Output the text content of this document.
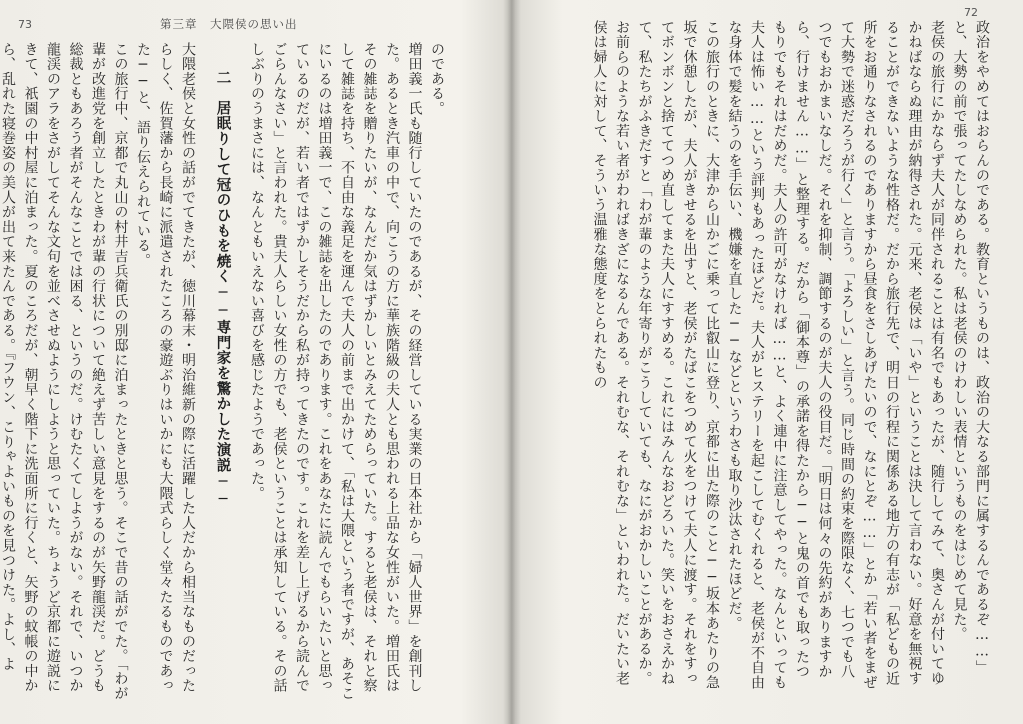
73	第三章　大隈侯の思い出

のである。

増田義一氏も随行していたのであるが、その経営している実業の日本社から「婦人世界」を創刊した。あるとき汽車の中で、向こうの方に華族階級の夫人とも思われる上品な女性がいた。増田氏はその雑誌を贈りたいが、なんだか気はずかしいとみえてためらっていた。すると老侯は、それと察して雑誌を持ち、不自由な義足を運んで夫人の前まで出かけて、「私は大隈という者ですが、あそこにいるのは増田義一で、この雑誌を出したのであります。これをあなたに読んでもらいたいと思っているのだが、若い者ではずかしそうだから私が持ってきたのです。これを差し上げるから読んでごらんなさい」と言われた。貴夫人らしい女性の方でも、老侯ということは承知している。その話しぶりのうまさには、なんともいえない喜びを感じたようであった。

二　居眠りして冠のひもを焼く──専門家を驚かした演説──

大隈老侯と女性の話がでてきたが、徳川幕末・明治維新の際に活躍した人だから相当なものだったらしく、佐賀藩から長崎に派遣されたころの豪遊ぶりはいかにも大隈式らしく堂々たるものであった──と、語り伝えられている。

この旅行中、京都で丸山の村井吉兵衛氏の別邸に泊まったときと思う。そこで昔の話がでた。「わが輩が改進党を創立したときわが輩の行状について絶えず苦しい意見をするのが矢野龍渓だ。どうも総裁ともあろう者がそんなことでは困る、というのだ。けむたくてしようがない。それで、いつか龍渓のアラをさがしてそんな文句を並べさせぬようにしようと思っていた。ちょうど京都に遊説にきて、祇園の中村屋に泊まった。夏のころだが、朝早く階下に洗面所に行くと、矢野の蚊帳の中から、乱れた寝巻姿の美人が出て来たんである。『フウン、こりゃよいものを見つけた。よし、よ

72

政治をやめてはおらんのである。教育というものは、政治の大なる部門に属するんであるぞ……」と、大勢の前で張ってたしなめられた。私は老侯のけわしい表情というものをはじめて見た。

老侯の旅行にかならず夫人が同伴されることは有名でもあったが、随行してみて、奥さんが付いてゆかねばならぬ理由が納得された。元来、老侯は「いや」ということは決して言わない。好意を無視することができないような性格だ。だから旅行先で、明日の行程に関係ある地方の有志が「私どもの近所をお通りなされるのでありますから昼食をさしあげたいので、なにとぞ……」とか「若い者をまぜて大勢で迷惑だろうが行く」と言う。「よろしい」と言う。同じ時間の約束を際限なく、七つでも八つでもおかまいなしだ。それを抑制、調節するのが夫人の役目だ。「明日は何々の先約がありますから、行けません……」と整理する。だから「御本尊」の承諾を得たから──と鬼の首でも取ったつもりでもそれはだめだ。夫人の許可がなければ……と、よく連中に注意してやった。なんといっても夫人は怖い……という評判もあったほどだ。夫人がヒステリーを起こしてむくれると、老侯が不自由な身体で髪を結うのを手伝い、機嫌を直した──などというわさも取り沙汰されたほどだ。

この旅行のときに、大津から山かごに乗って比叡山に登り、京都に出た際のこと──坂本あたりの急坂で休憩したが、夫人がきせるを出すと、老侯がたばこをつめて火をつけて夫人に渡す。それをすってボンボンと捨ててつめ直してまた夫人にすすめる。これにはみんなおどろいた。笑いをおさえかねて、私たちがふきだすと「わが輩のような年寄りがこうしていても、なにがおかしいことがあるか。お前らのような若い者がわればきざになるんである。それむな、それむな」といわれた。だいたい老侯は婦人に対して、そういう温雅な態度をとられたもの
